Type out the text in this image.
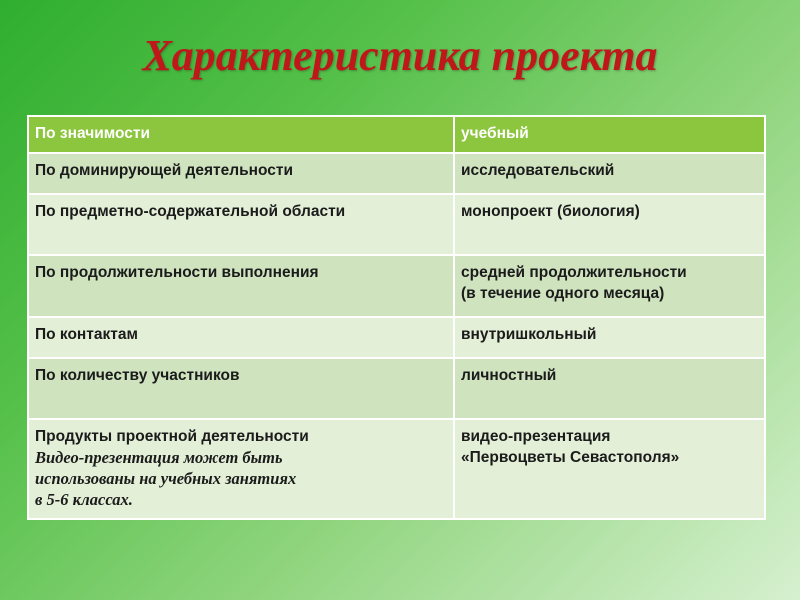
Характеристика проекта
По значимости	учебный
По доминирующей деятельности	исследовательский
По предметно-содержательной области	монопроект (биология)
По продолжительности выполнения	средней продолжительности
(в течение одного месяца)

По контактам	внутришкольный
По количеству участников	личностный

Продукты проектной деятельности
Видео-презентация может быть
использованы на учебных занятиях
в 5-6 классах.	видео-презентация
«Первоцветы Севастополя»
